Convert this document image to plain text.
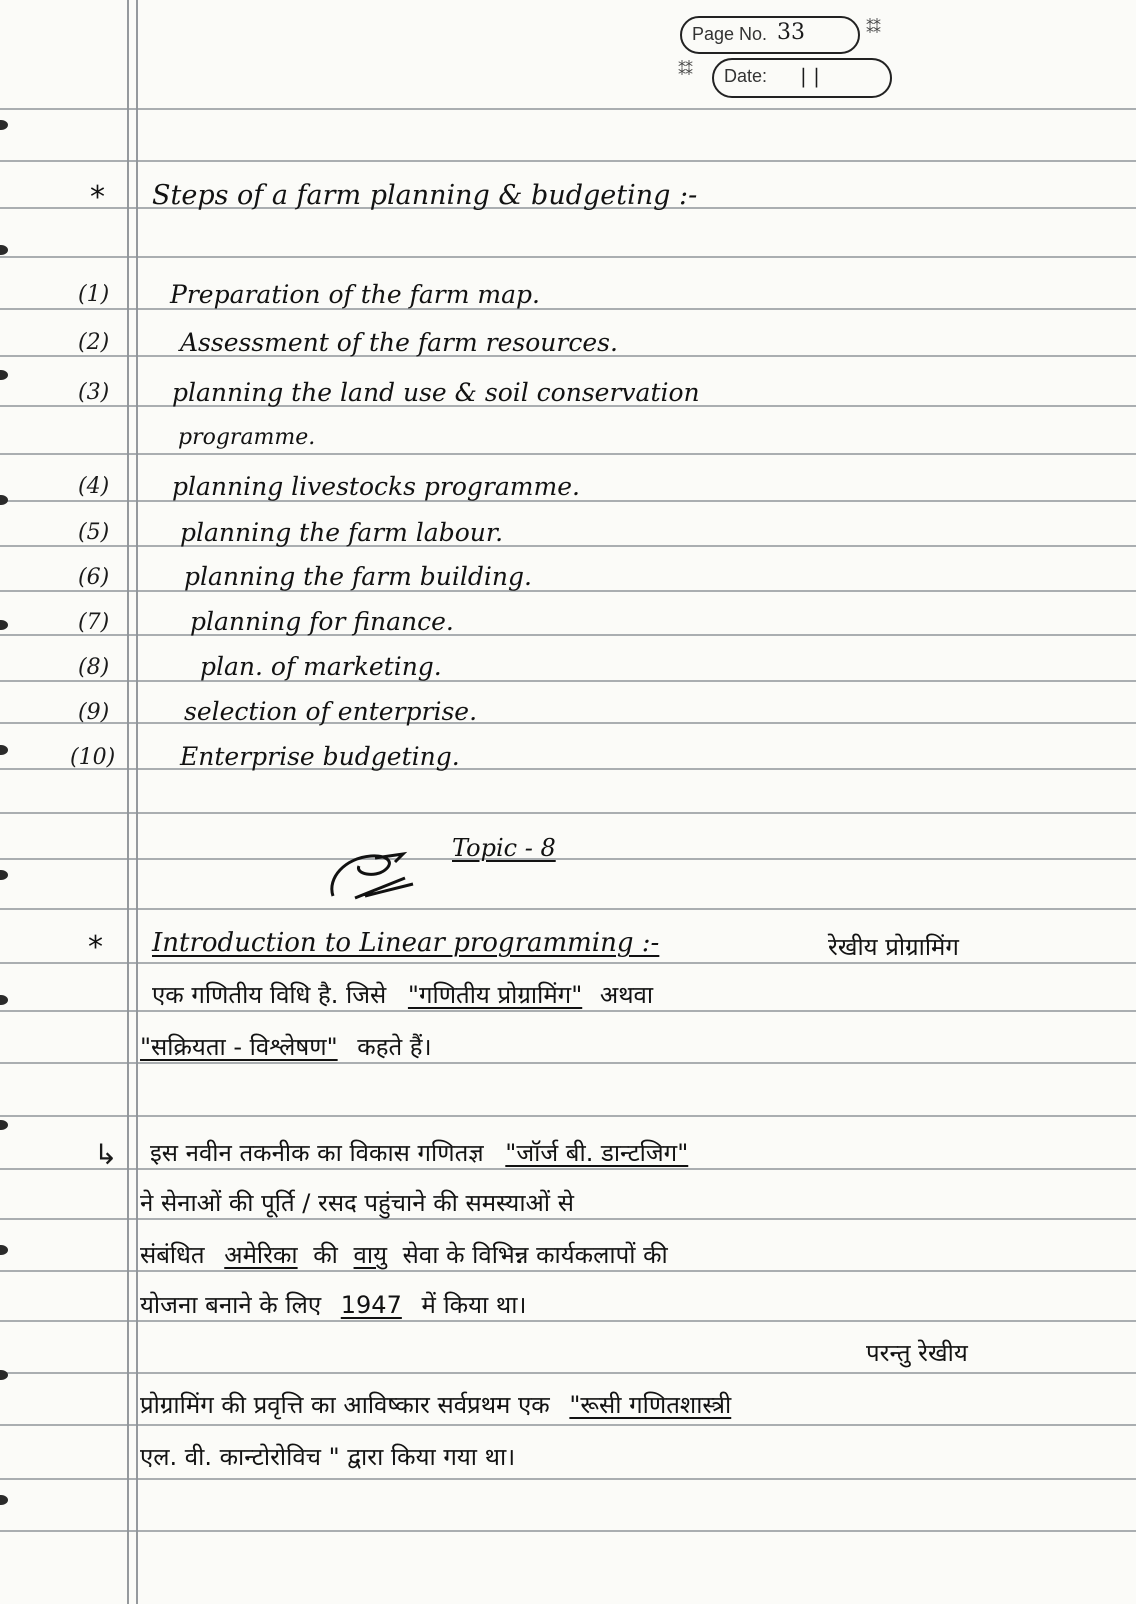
Page No. 33
Date:	| |
⁑⁑
⁑⁑
* Steps of a farm planning & budgeting :-
(1) Preparation of the farm map.
(2)	Assessment of the farm resources.
(3)	planning the land use & soil conservation
programme.
(4)	planning livestocks programme.
(5)	planning the farm labour.
(6)	planning the farm building.
(7)	planning for finance.
(8)	plan. of marketing.
(9)	selection of enterprise.
(10)	Enterprise budgeting.
Topic - 8
* Introduction to Linear programming :-	रेखीय प्रोग्रामिंग
एक गणितीय विधि है. जिसे "गणितीय प्रोग्रामिंग" अथवा
"सक्रियता - विश्लेषण" कहते हैं।
↳ इस नवीन तकनीक का विकास गणितज्ञ "जॉर्ज बी. डान्टजिग"
ने सेनाओं की पूर्ति / रसद पहुंचाने की समस्याओं से
संबंधित अमेरिका की वायु सेवा के विभिन्न कार्यकलापों की
योजना बनाने के लिए 1947 में किया था।
परन्तु रेखीय
प्रोग्रामिंग की प्रवृत्ति का आविष्कार सर्वप्रथम एक "रूसी गणितशास्त्री
एल. वी. कान्टोरोविच " द्वारा किया गया था।
